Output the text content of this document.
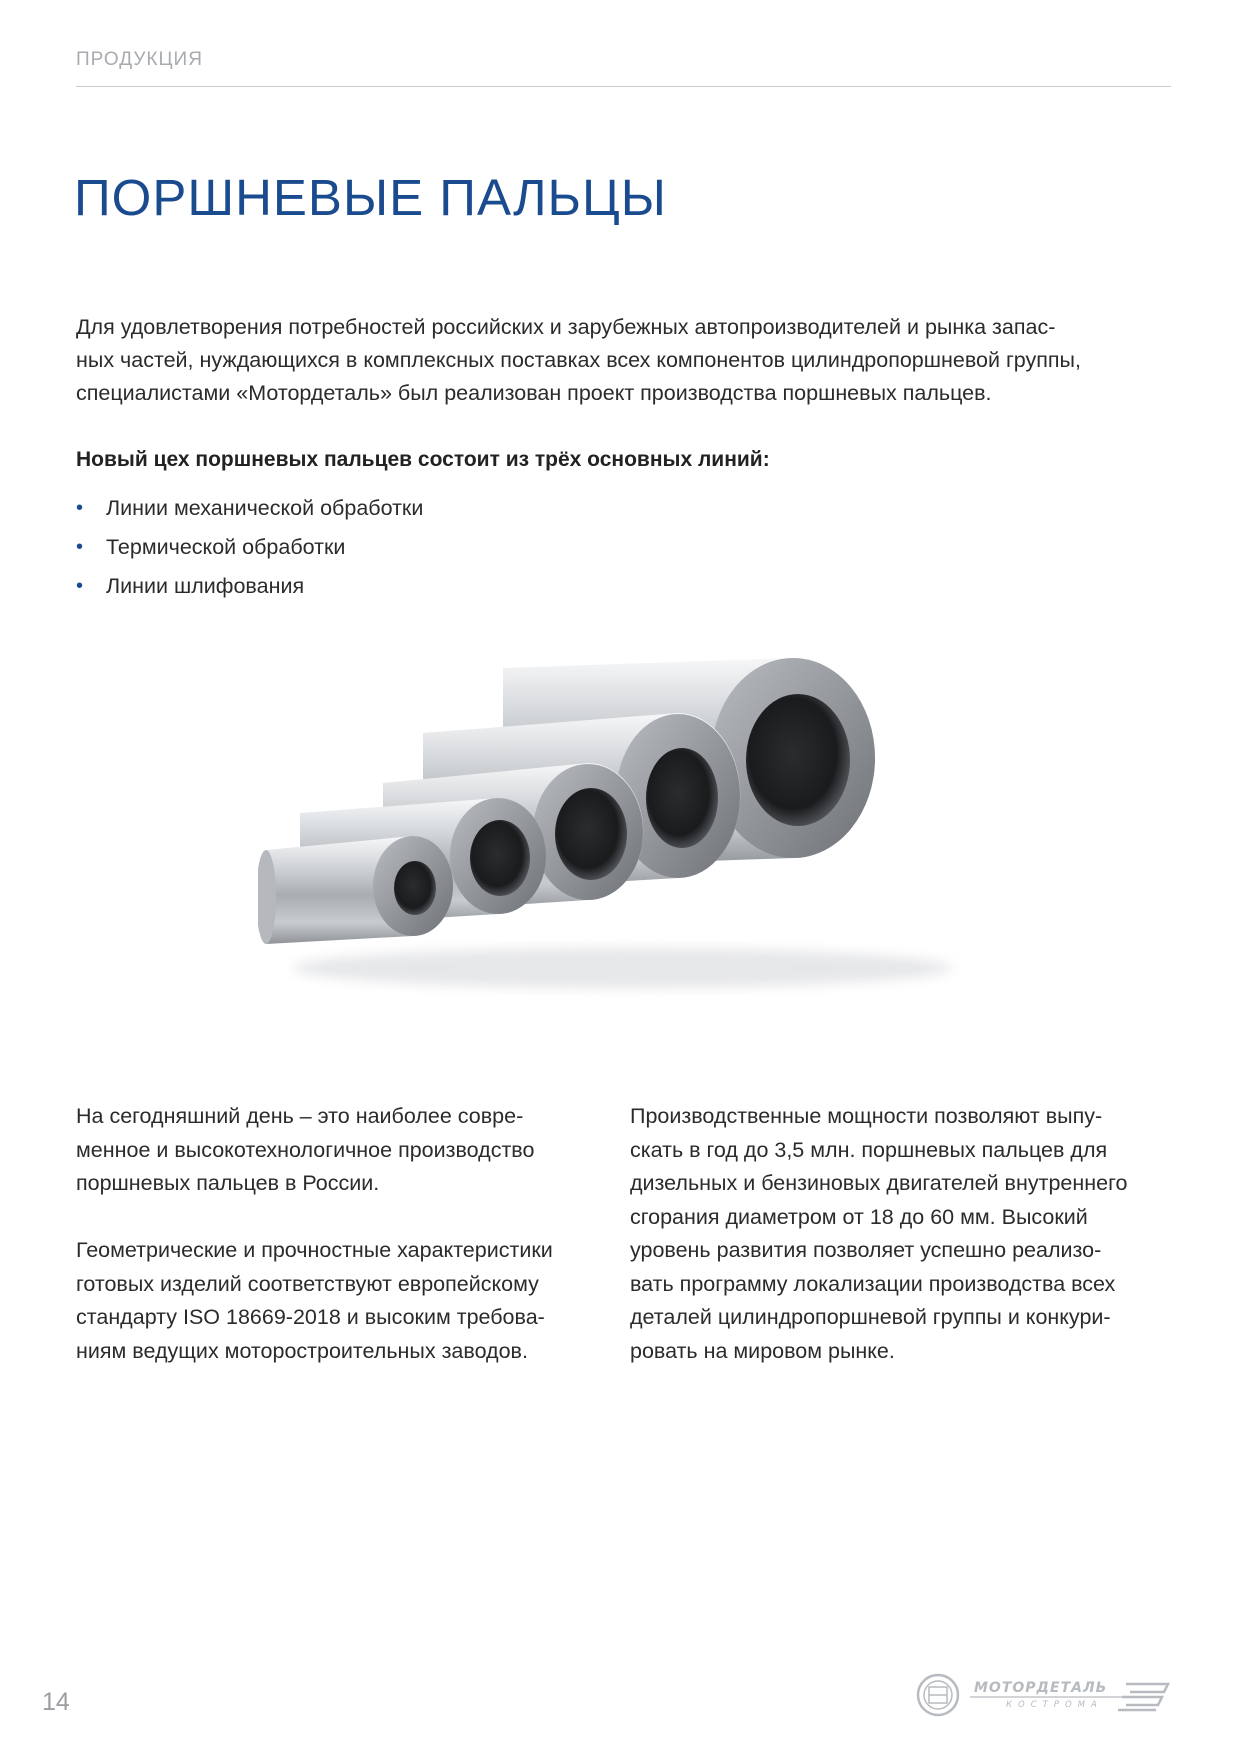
ПРОДУКЦИЯ
ПОРШНЕВЫЕ ПАЛЬЦЫ

Для удовлетворения потребностей российских и зарубежных автопроизводителей и рынка запас-
ных частей, нуждающихся в комплексных поставках всех компонентов цилиндропоршневой группы,
специалистами «Мотордеталь» был реализован проект производства поршневых пальцев.

Новый цех поршневых пальцев состоит из трёх основных линий:

• Линии механической обработки
• Термической обработки
• Линии шлифования
На сегодняшний день – это наиболее совре-
менное и высокотехнологичное производство
поршневых пальцев в России.
Геометрические и прочностные характеристики
готовых изделий соответствуют европейскому
стандарту ISO 18669-2018 и высоким требова-
ниям ведущих моторостроительных заводов.
Производственные мощности позволяют выпу-
скать в год до 3,5 млн. поршневых пальцев для
дизельных и бензиновых двигателей внутреннего
сгорания диаметром от 18 до 60 мм. Высокий
уровень развития позволяет успешно реализо-
вать программу локализации производства всех
деталей цилиндропоршневой группы и конкури-
ровать на мировом рынке.
14	МОТОРДЕТАЛЬ
КОСТРОМА
